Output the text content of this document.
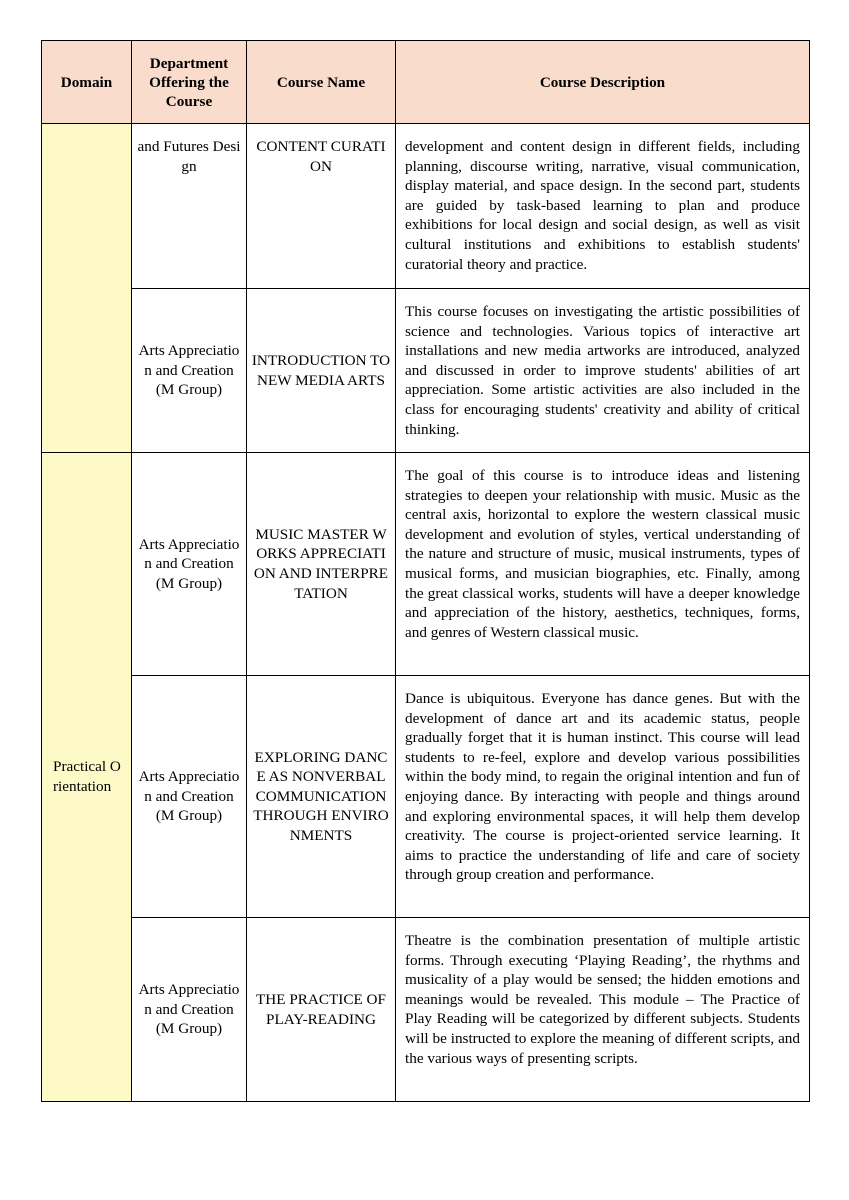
Domain	Department Offering the Course	Course Name	Course Description

	and Futures Design	CONTENT CURATION	development and content design in different fields, including planning, discourse writing, narrative, visual communication, display material, and space design. In the second part, students are guided by task-based learning to plan and produce exhibitions for local design and social design, as well as visit cultural institutions and exhibitions to establish students' curatorial theory and practice.

	Arts Appreciation and Creation (M Group)	INTRODUCTION TO NEW MEDIA ARTS	This course focuses on investigating the artistic possibilities of science and technologies. Various topics of interactive art installations and new media artworks are introduced, analyzed and discussed in order to improve students' abilities of art appreciation. Some artistic activities are also included in the class for encouraging students' creativity and ability of critical thinking.

Practical Orientation	Arts Appreciation and Creation (M Group)	MUSIC MASTER WORKS APPRECIATION AND INTERPRETATION	The goal of this course is to introduce ideas and listening strategies to deepen your relationship with music. Music as the central axis, horizontal to explore the western classical music development and evolution of styles, vertical understanding of the nature and structure of music, musical instruments, types of musical forms, and musician biographies, etc. Finally, among the great classical works, students will have a deeper knowledge and appreciation of the history, aesthetics, techniques, forms, and genres of Western classical music.

	Arts Appreciation and Creation (M Group)	EXPLORING DANCE AS NONVERBAL COMMUNICATION THROUGH ENVIRONMENTS	Dance is ubiquitous. Everyone has dance genes. But with the development of dance art and its academic status, people gradually forget that it is human instinct. This course will lead students to re-feel, explore and develop various possibilities within the body mind, to regain the original intention and fun of enjoying dance. By interacting with people and things around and exploring environmental spaces, it will help them develop creativity. The course is project-oriented service learning. It aims to practice the understanding of life and care of society through group creation and performance.

	Arts Appreciation and Creation (M Group)	THE PRACTICE OF PLAY-READING	Theatre is the combination presentation of multiple artistic forms. Through executing ‘Playing Reading’, the rhythms and musicality of a play would be sensed; the hidden emotions and meanings would be revealed. This module – The Practice of Play Reading will be categorized by different subjects. Students will be instructed to explore the meaning of different scripts, and the various ways of presenting scripts.
